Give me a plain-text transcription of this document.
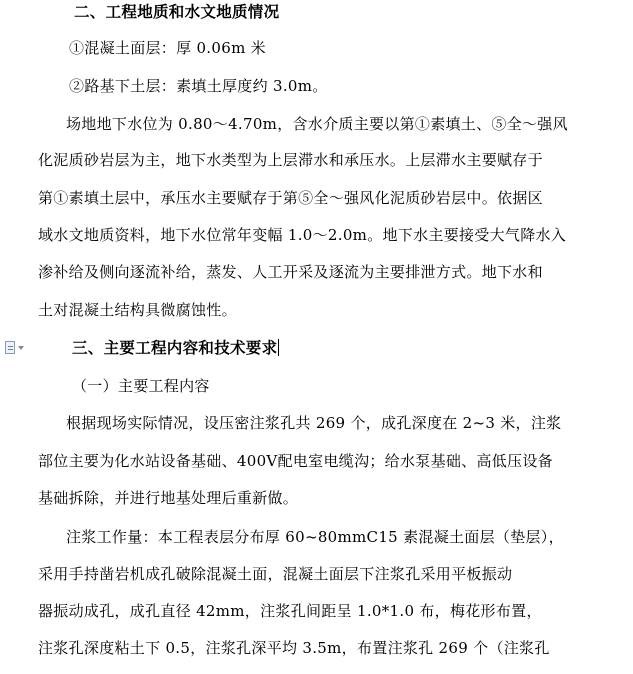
二、工程地质和水文地质情况
①混凝土面层：厚 0.06m 米
②路基下土层：素填土厚度约 3.0m。
场地地下水位为 0.80～4.70m，含水介质主要以第①素填土、⑤全～强风
化泥质砂岩层为主，地下水类型为上层滞水和承压水。上层滞水主要赋存于
第①素填土层中，承压水主要赋存于第⑤全～强风化泥质砂岩层中。依据区
域水文地质资料，地下水位常年变幅 1.0～2.0m。地下水主要接受大气降水入
渗补给及侧向逐流补给，蒸发、人工开采及逐流为主要排泄方式。地下水和
土对混凝土结构具微腐蚀性。
三、主要工程内容和技术要求
（一）主要工程内容
根据现场实际情况，设压密注浆孔共 269 个，成孔深度在 2~3 米，注浆
部位主要为化水站设备基础、400V配电室电缆沟；给水泵基础、高低压设备
基础拆除，并进行地基处理后重新做。
注浆工作量：本工程表层分布厚 60~80mmC15 素混凝土面层（垫层），
采用手持凿岩机成孔破除混凝土面，混凝土面层下注浆孔采用平板振动
器振动成孔，成孔直径 42mm，注浆孔间距呈 1.0*1.0 布，梅花形布置，
注浆孔深度粘土下 0.5，注浆孔深平均 3.5m，布置注浆孔 269 个（注浆孔
